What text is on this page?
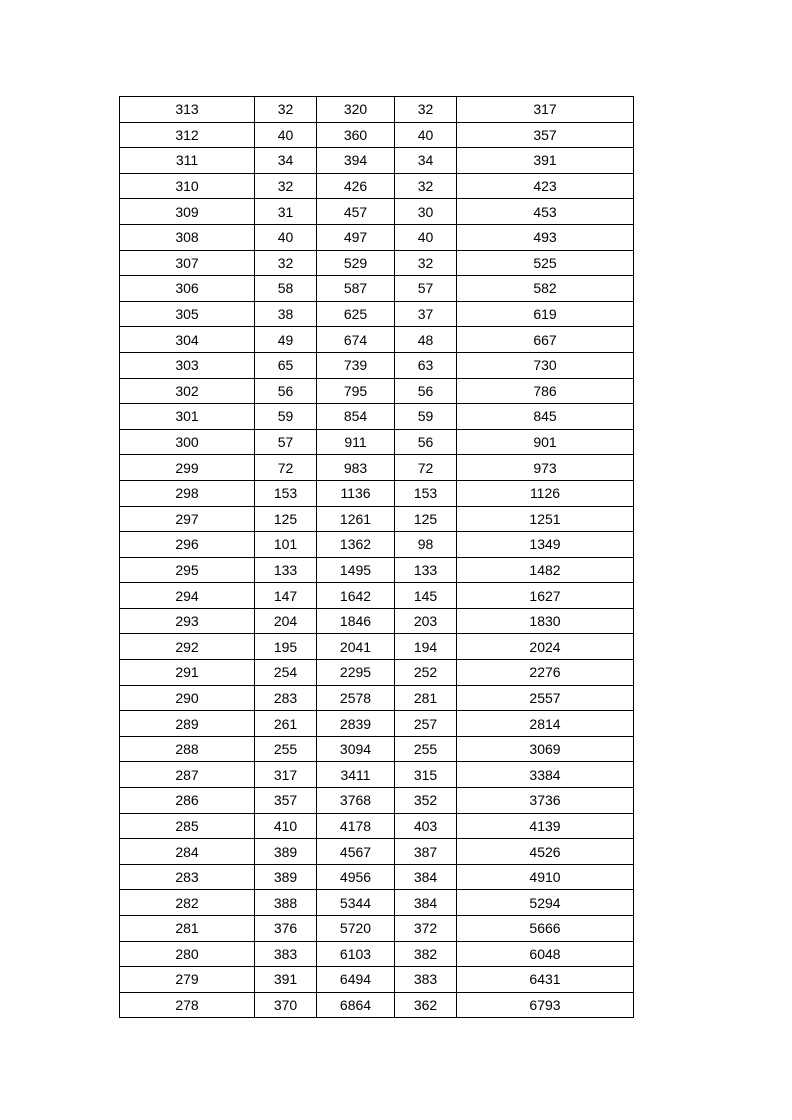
313	32	320	32	317
312	40	360	40	357
311	34	394	34	391
310	32	426	32	423
309	31	457	30	453
308	40	497	40	493
307	32	529	32	525
306	58	587	57	582
305	38	625	37	619
304	49	674	48	667
303	65	739	63	730
302	56	795	56	786
301	59	854	59	845
300	57	911	56	901
299	72	983	72	973
298	153	1136	153	1126
297	125	1261	125	1251
296	101	1362	98	1349
295	133	1495	133	1482
294	147	1642	145	1627
293	204	1846	203	1830
292	195	2041	194	2024
291	254	2295	252	2276
290	283	2578	281	2557
289	261	2839	257	2814
288	255	3094	255	3069
287	317	3411	315	3384
286	357	3768	352	3736
285	410	4178	403	4139
284	389	4567	387	4526
283	389	4956	384	4910
282	388	5344	384	5294
281	376	5720	372	5666
280	383	6103	382	6048
279	391	6494	383	6431
278	370	6864	362	6793
